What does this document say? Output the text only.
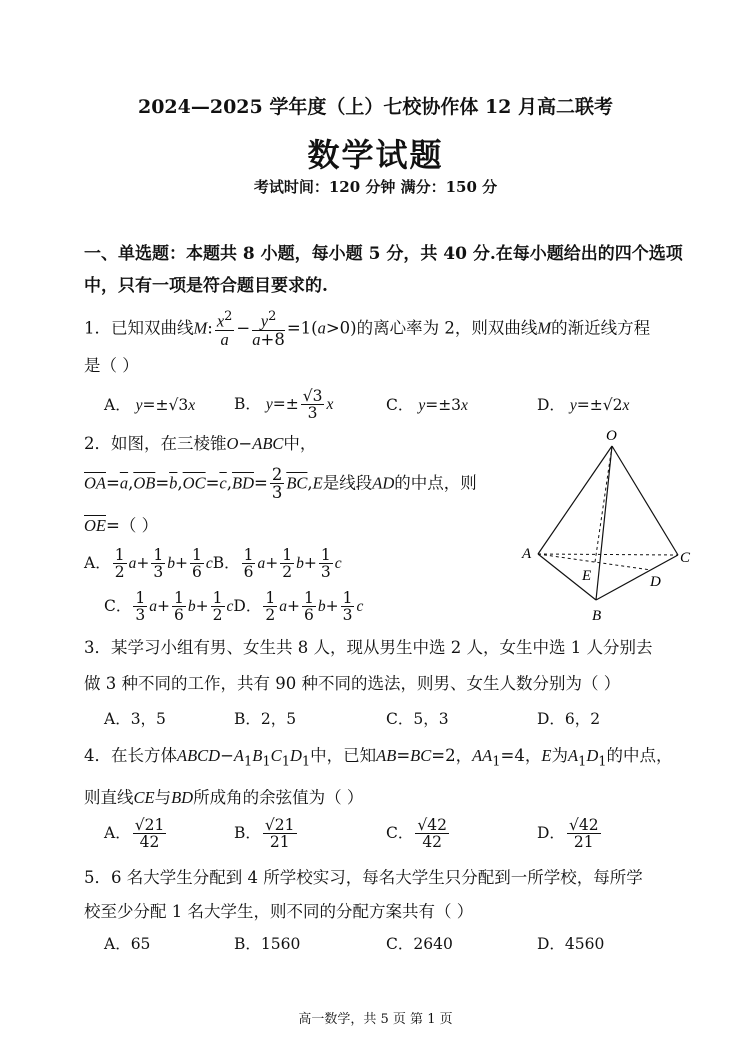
2024—2025 学年度（上）七校协作体 12 月高二联考
数学试题
考试时间：120 分钟 满分：150 分
一、单选题：本题共 8 小题，每小题 5 分，共 40 分.在每小题给出的四个选项中，只有一项是符合题目要求的.
1．已知双曲线M: $\frac{x^2}{a} - \frac{y^2}{a+8} =1(a>0)$的离心率为 2，则双曲线M的渐近线方程
是（ ）
A． y=±√3x	B． $y=\pm \frac{√3}{3}$ x	C． y=±3x	D． y=±√2x
2．如图，在三棱锥O−ABC中，
$\overline{OA}=\overline{a},\overline{OB}=\overline{b},\overline{OC}=\overline{c},\overline{BD}= \frac{2}{3} \overline{BC},E$是线段AD的中点，则
$\overline{OE}=$（ ）
A． $\frac{1}{2} a+ \frac{1}{3} b+ \frac{1}{6}$ cB． $\frac{1}{6} a+ \frac{1}{2} b+ \frac{1}{3}$ c
C． $\frac{1}{3} a+ \frac{1}{6} b+ \frac{1}{2}$ cD． $\frac{1}{2} a+ \frac{1}{6} b+ \frac{1}{3}$ c
O
A
B
C
D
E
3．某学习小组有男、女生共 8 人，现从男生中选 2 人，女生中选 1 人分别去
做 3 种不同的工作，共有 90 种不同的选法，则男、女生人数分别为（ ）
A．3，5	B．2，5	C．5，3	D．6，2
4．在长方体$ABCD-A_1B_1C_1D_1$中，已知AB=BC=2，$AA_1=4$，E为$A_1D_1$的中点，
则直线CE与BD所成角的余弦值为（ ）
A． $\frac{√21}{42}$	B． $\frac{√21}{21}$	C． $\frac{√42}{42}$	D． $\frac{√42}{21}$
5．6 名大学生分配到 4 所学校实习，每名大学生只分配到一所学校，每所学
校至少分配 1 名大学生，则不同的分配方案共有（ ）
A．65	B．1560	C．2640	D．4560
高一数学，共 5 页 第 1 页
